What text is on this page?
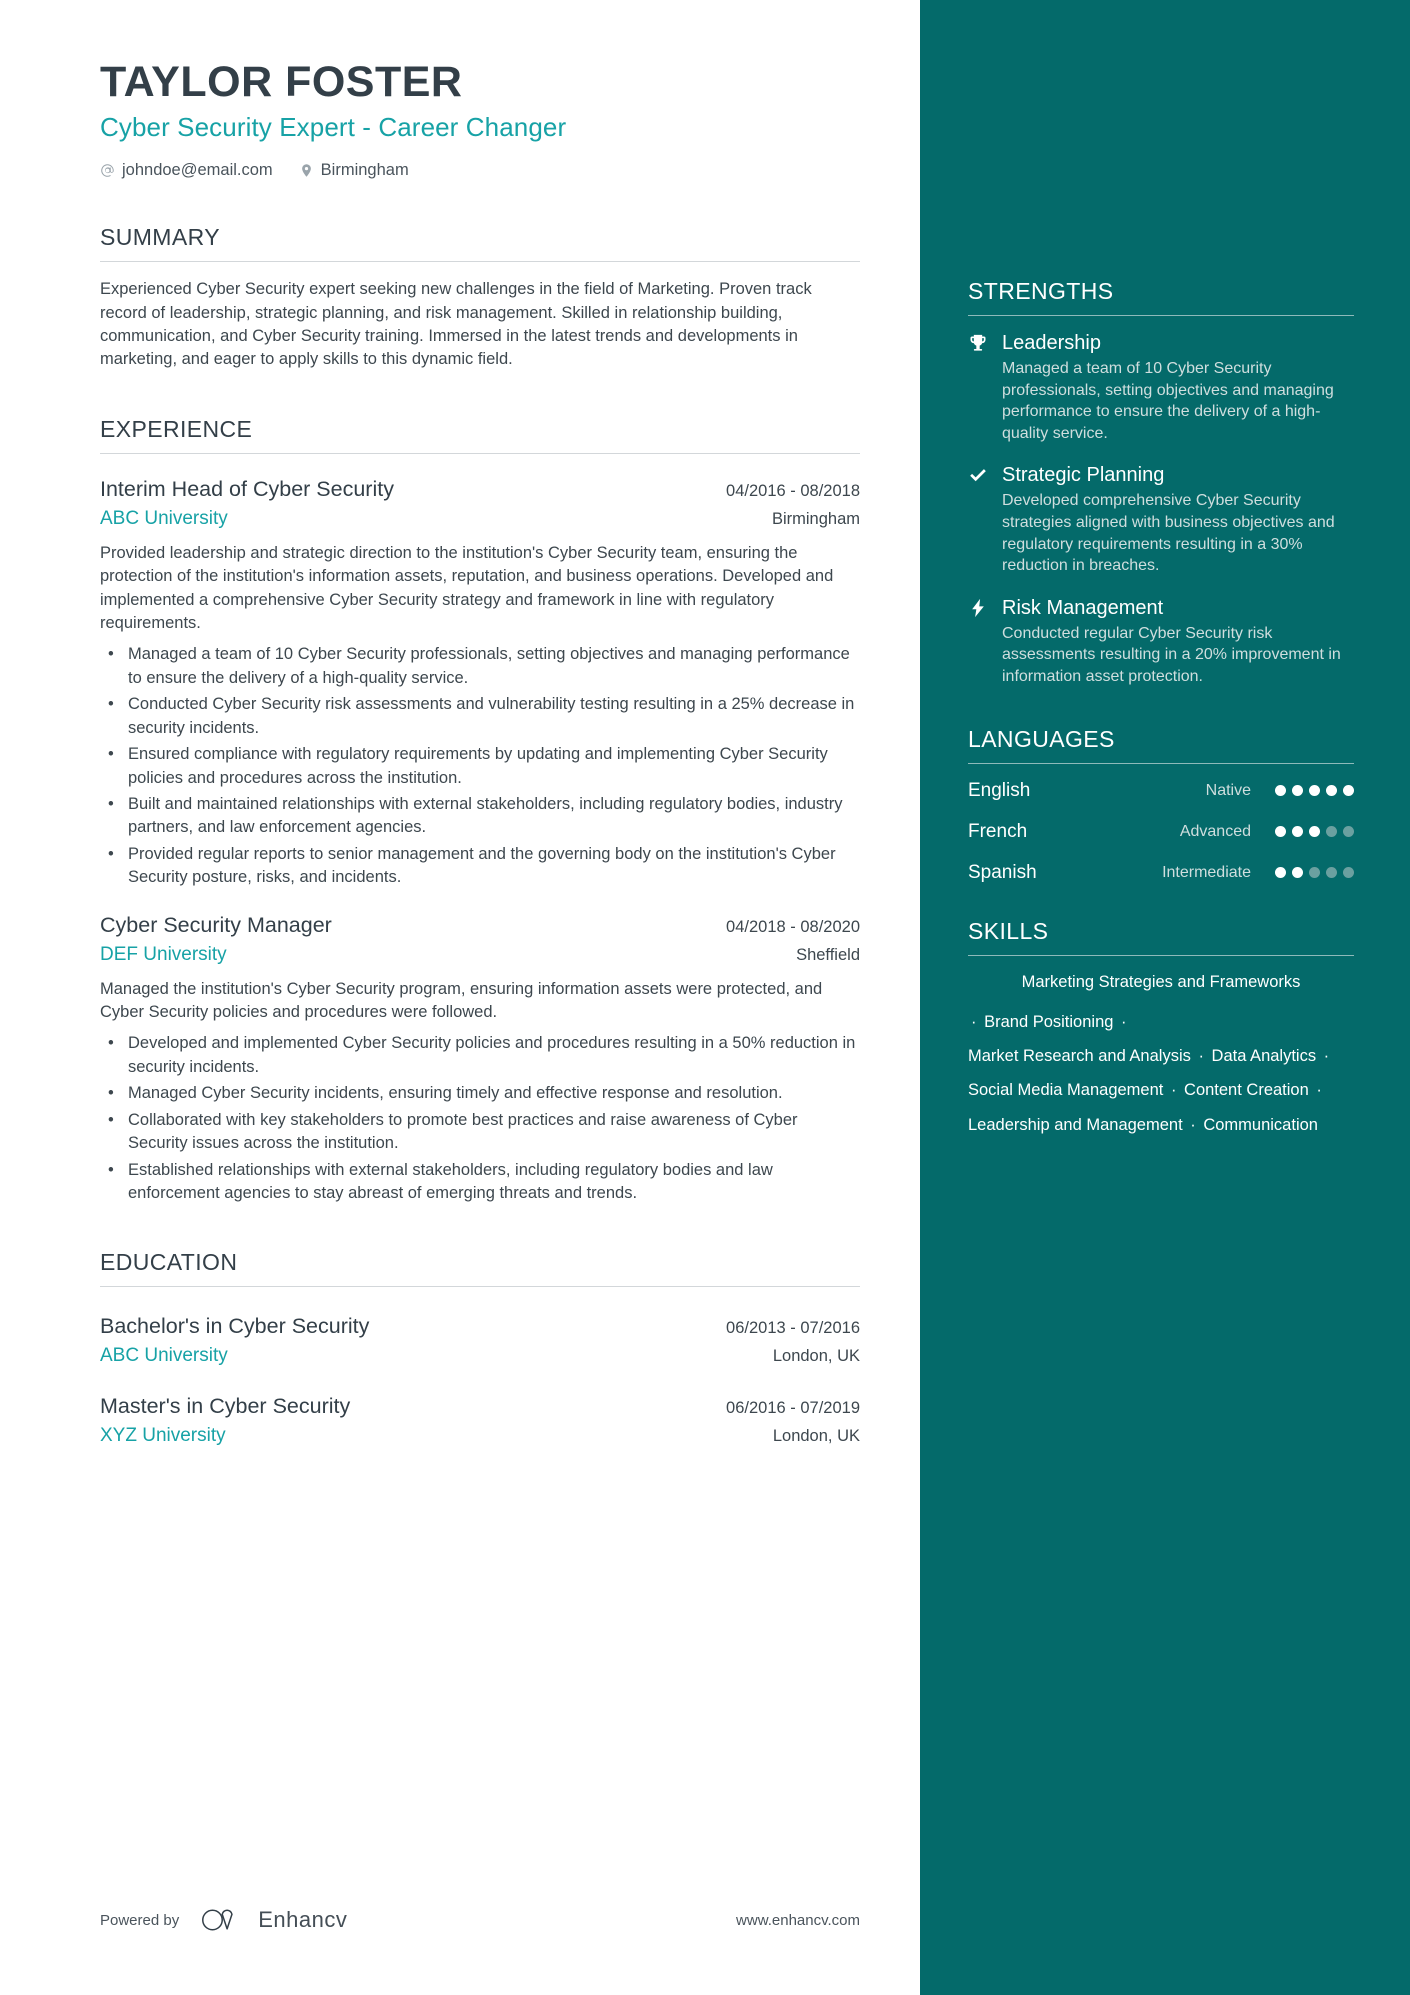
TAYLOR FOSTER
Cyber Security Expert - Career Changer
johndoe@email.com	Birmingham
SUMMARY

Experienced Cyber Security expert seeking new challenges in the field of Marketing. Proven track record of leadership, strategic planning, and risk management. Skilled in relationship building, communication, and Cyber Security training. Immersed in the latest trends and developments in marketing, and eager to apply skills to this dynamic field.

EXPERIENCE
Interim Head of Cyber Security	04/2016 - 08/2018
ABC University	Birmingham

Provided leadership and strategic direction to the institution's Cyber Security team, ensuring the protection of the institution's information assets, reputation, and business operations. Developed and implemented a comprehensive Cyber Security strategy and framework in line with regulatory requirements.

• Managed a team of 10 Cyber Security professionals, setting objectives and managing performance to ensure the delivery of a high-quality service.
• Conducted Cyber Security risk assessments and vulnerability testing resulting in a 25% decrease in security incidents.
• Ensured compliance with regulatory requirements by updating and implementing Cyber Security policies and procedures across the institution.
• Built and maintained relationships with external stakeholders, including regulatory bodies, industry partners, and law enforcement agencies.
• Provided regular reports to senior management and the governing body on the institution's Cyber Security posture, risks, and incidents.
Cyber Security Manager	04/2018 - 08/2020
DEF University	Sheffield

Managed the institution's Cyber Security program, ensuring information assets were protected, and Cyber Security policies and procedures were followed.

• Developed and implemented Cyber Security policies and procedures resulting in a 50% reduction in security incidents.
• Managed Cyber Security incidents, ensuring timely and effective response and resolution.
• Collaborated with key stakeholders to promote best practices and raise awareness of Cyber Security issues across the institution.
• Established relationships with external stakeholders, including regulatory bodies and law enforcement agencies to stay abreast of emerging threats and trends.
EDUCATION
Bachelor's in Cyber Security	06/2013 - 07/2016
ABC University	London, UK
Master's in Cyber Security	06/2016 - 07/2019
XYZ University	London, UK
Powered by	Enhancv	www.enhancv.com
STRENGTHS
Leadership
Managed a team of 10 Cyber Security professionals, setting objectives and managing performance to ensure the delivery of a high-quality service.
Strategic Planning
Developed comprehensive Cyber Security strategies aligned with business objectives and regulatory requirements resulting in a 30% reduction in breaches.
Risk Management
Conducted regular Cyber Security risk assessments resulting in a 20% improvement in information asset protection.
LANGUAGES
English	Native
French	Advanced
Spanish	Intermediate
SKILLS
Marketing Strategies and Frameworks
· Brand Positioning · Market Research and Analysis · Data Analytics · Social Media Management · Content Creation · Leadership and Management · Communication
